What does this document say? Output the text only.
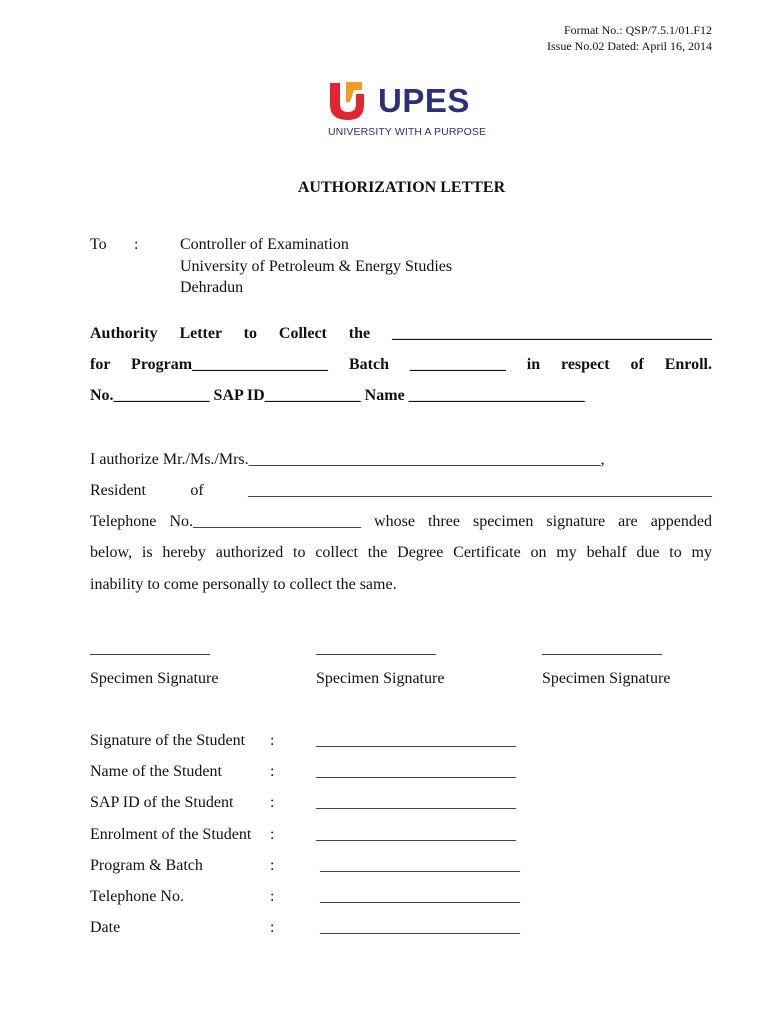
Format No.: QSP/7.5.1/01.F12
Issue No.02 Dated: April 16, 2014
UPES
UNIVERSITY WITH A PURPOSE
AUTHORIZATION LETTER
To :	Controller of Examination
University of Petroleum & Energy Studies
Dehradun
Authority Letter to Collect the ________________________________________
for Program_________________ Batch ____________ in respect of Enroll.
No.____________ SAP ID____________ Name ______________________
I authorize Mr./Ms./Mrs.____________________________________________,
Resident of __________________________________________________________
Telephone No._____________________ whose three specimen signature are appended
below, is hereby authorized to collect the Degree Certificate on my behalf due to my
inability to come personally to collect the same.
_______________	_______________	_______________
Specimen Signature	Specimen Signature	Specimen Signature
Signature of the Student :	_________________________
Name of the Student	:	_________________________
SAP ID of the Student :	_________________________
Enrolment of the Student :	_________________________
Program & Batch	:	_________________________
Telephone No.	:	_________________________
Date	:	_________________________
